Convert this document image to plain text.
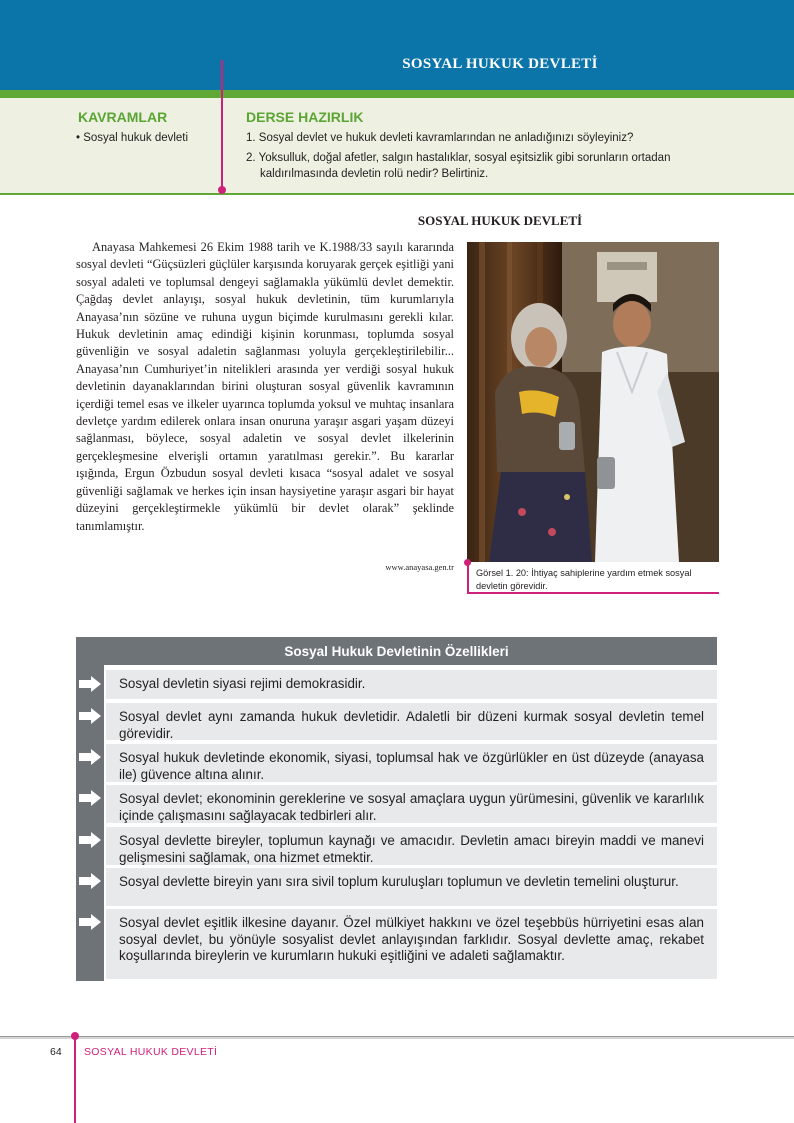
SOSYAL HUKUK DEVLETİ
KAVRAMLAR
• Sosyal hukuk devleti
DERSE HAZIRLIK
1. Sosyal devlet ve hukuk devleti kavramlarından ne anladığınızı söyleyiniz?
2. Yoksulluk, doğal afetler, salgın hastalıklar, sosyal eşitsizlik gibi sorunların ortadan kaldırılmasında devletin rolü nedir? Belirtiniz.
SOSYAL HUKUK DEVLETİ

Anayasa Mahkemesi 26 Ekim 1988 tarih ve K.1988/33 sayılı kararında sosyal devleti “Güçsüzleri güçlüler karşısında koruyarak gerçek eşitliği yani sosyal adaleti ve toplumsal dengeyi sağlamakla yükümlü devlet demektir. Çağdaş devlet anlayışı, sosyal hukuk devletinin, tüm kurumlarıyla Anayasa’nın sözüne ve ruhuna uygun biçimde kurulmasını gerekli kılar. Hukuk devletinin amaç edindiği kişinin korunması, toplumda sosyal güvenliğin ve sosyal adaletin sağlanması yoluyla gerçekleştirilebilir... Anayasa’nın Cumhuriyet’in nitelikleri arasında yer verdiği sosyal hukuk devletinin dayanaklarından birini oluşturan sosyal güvenlik kavramının içerdiği temel esas ve ilkeler uyarınca toplumda yoksul ve muhtaç insanlara devletçe yardım edilerek onlara insan onuruna yaraşır asgari yaşam düzeyi sağlanması, böylece, sosyal adaletin ve sosyal devlet ilkelerinin gerçekleşmesine elverişli ortamın yaratılması gerekir.”. Bu kararlar ışığında, Ergun Özbudun sosyal devleti kısaca “sosyal adalet ve sosyal güvenliği sağlamak ve herkes için insan haysiyetine yaraşır asgari bir hayat düzeyini gerçekleştirmekle yükümlü bir devlet olarak” şeklinde tanımlamıştır.

www.anayasa.gen.tr
Görsel 1. 20: İhtiyaç sahiplerine yardım etmek sosyal devletin görevidir.
Sosyal Hukuk Devletinin Özellikleri
Sosyal devletin siyasi rejimi demokrasidir.
Sosyal devlet aynı zamanda hukuk devletidir. Adaletli bir düzeni kurmak sosyal devletin temel görevidir.
Sosyal hukuk devletinde ekonomik, siyasi, toplumsal hak ve özgürlükler en üst düzeyde (anayasa ile) güvence altına alınır.
Sosyal devlet; ekonominin gereklerine ve sosyal amaçlara uygun yürümesini, güvenlik ve kararlılık içinde çalışmasını sağlayacak tedbirleri alır.
Sosyal devlette bireyler, toplumun kaynağı ve amacıdır. Devletin amacı bireyin maddi ve manevi gelişmesini sağlamak, ona hizmet etmektir.
Sosyal devlette bireyin yanı sıra sivil toplum kuruluşları toplumun ve devletin temelini oluşturur.
Sosyal devlet eşitlik ilkesine dayanır. Özel mülkiyet hakkını ve özel teşebbüs hürriyetini esas alan sosyal devlet, bu yönüyle sosyalist devlet anlayışından farklıdır. Sosyal devlette amaç, rekabet koşullarında bireylerin ve kurumların hukuki eşitliğini ve adaleti sağlamaktır.
64 SOSYAL HUKUK DEVLETİ
